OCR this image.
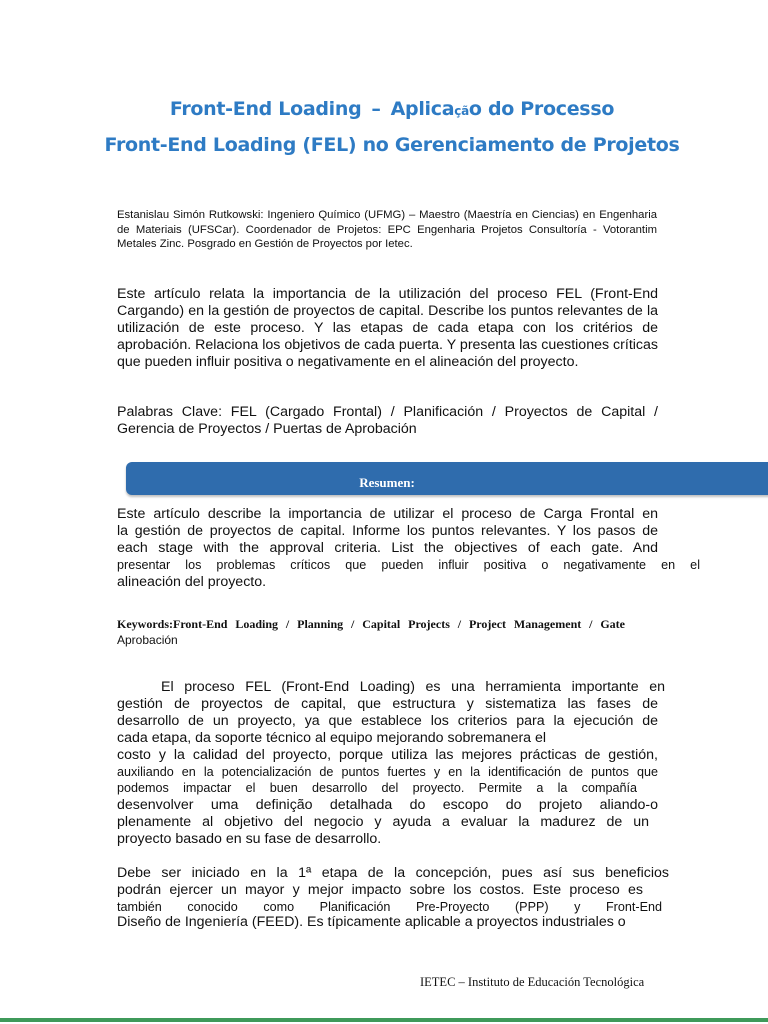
Front-End Loading – Aplicação do Processo
Front-End Loading (FEL) no Gerenciamento de Projetos
Estanislau Simón Rutkowski: Ingeniero Químico (UFMG) – Maestro (Maestría en Ciencias) en Engenharia de Materiais (UFSCar). Coordenador de Projetos: EPC Engenharia Projetos Consultoría - Votorantim Metales Zinc. Posgrado en Gestión de Proyectos por Ietec.
Este artículo relata la importancia de la utilización del proceso FEL (Front-End Cargando) en la gestión de proyectos de capital. Describe los puntos relevantes de la utilización de este proceso. Y las etapas de cada etapa con los critérios de aprobación. Relaciona los objetivos de cada puerta. Y presenta las cuestiones críticas que pueden influir positiva o negativamente en el alineación del proyecto.
Palabras Clave: FEL (Cargado Frontal) / Planificación / Proyectos de Capital / Gerencia de Proyectos / Puertas de Aprobación
Resumen:
Este artículo describe la importancia de utilizar el proceso de Carga Frontal en
la gestión de proyectos de capital. Informe los puntos relevantes. Y los pasos de
each stage with the approval criteria. List the objectives of each gate. And
presentar los problemas críticos que pueden influir positiva o negativamente en el
alineación del proyecto.
Keywords:Front-End Loading / Planning / Capital Projects / Project Management / Gate
Aprobación
El proceso FEL (Front-End Loading) es una herramienta importante en
gestión de proyectos de capital, que estructura y sistematiza las fases de
desarrollo de un proyecto, ya que establece los criterios para la ejecución de
cada etapa, da soporte técnico al equipo mejorando sobremanera el
costo y la calidad del proyecto, porque utiliza las mejores prácticas de gestión,
auxiliando en la potencialización de puntos fuertes y en la identificación de puntos que
podemos impactar el buen desarrollo del proyecto. Permite a la compañía
desenvolver uma definição detalhada do escopo do projeto aliando-o
plenamente al objetivo del negocio y ayuda a evaluar la madurez de un
proyecto basado en su fase de desarrollo.
Debe ser iniciado en la 1ª etapa de la concepción, pues así sus beneficios
podrán ejercer un mayor y mejor impacto sobre los costos. Este proceso es
también conocido como Planificación Pre-Proyecto (PPP) y Front-End
Diseño de Ingeniería (FEED). Es típicamente aplicable a proyectos industriales o
IETEC – Instituto de Educación Tecnológica
